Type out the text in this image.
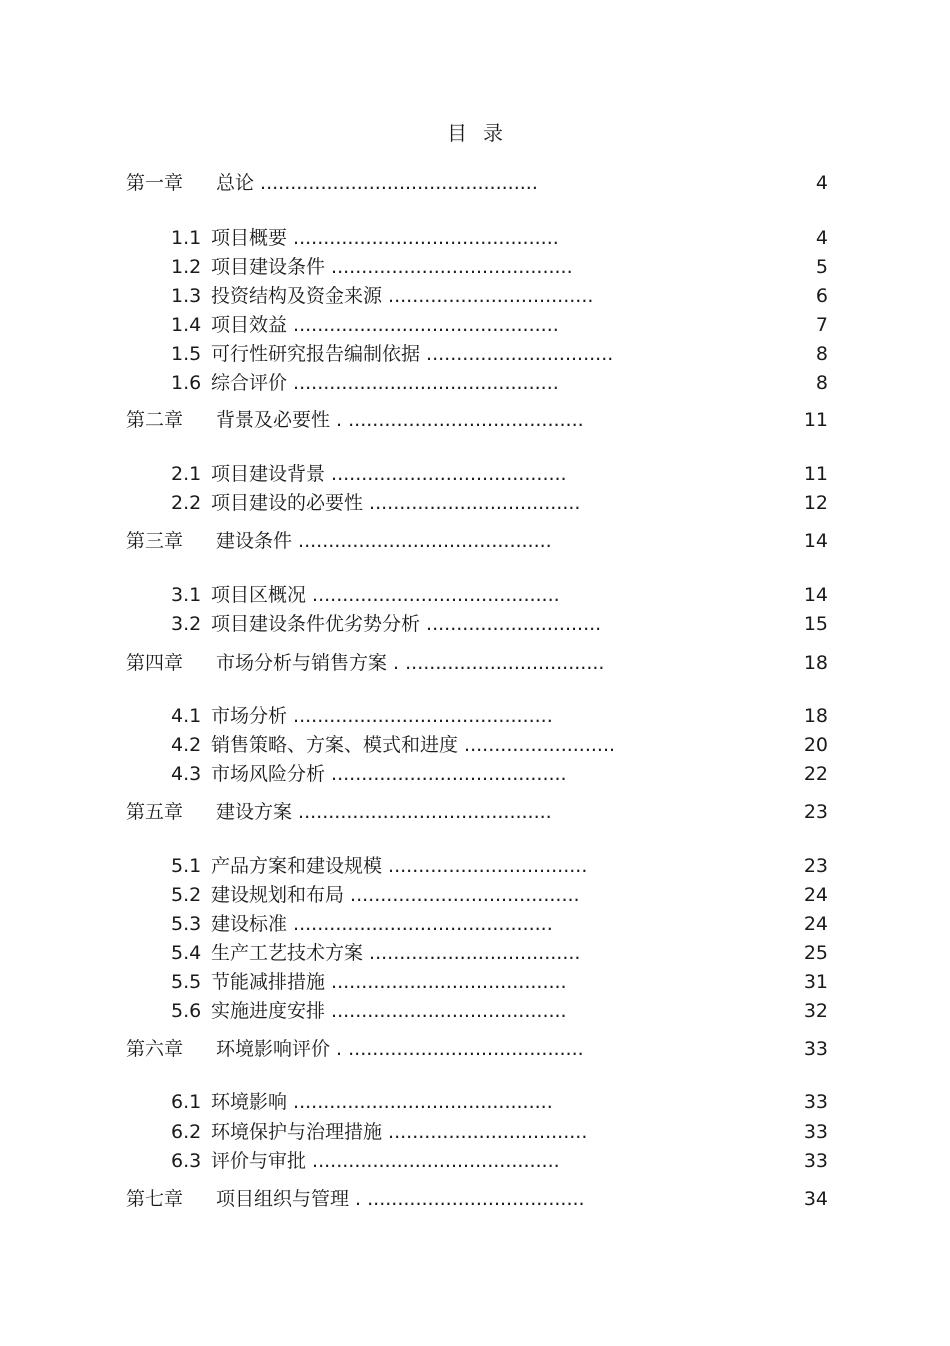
目录
第一章 总论 ..............................................	4
1.1 项目概要 ............................................	4
1.2 项目建设条件 ........................................	5
1.3 投资结构及资金来源 ..................................	6
1.4 项目效益 ............................................	7
1.5 可行性研究报告编制依据 ...............................	8
1.6 综合评价 ............................................	8
第二章 背景及必要性 . .......................................	11
2.1 项目建设背景 .......................................	11
2.2 项目建设的必要性 ...................................	12
第三章 建设条件 ..........................................	14
3.1 项目区概况 .........................................	14
3.2 项目建设条件优劣势分析 .............................	15
第四章 市场分析与销售方案 . .................................	18
4.1 市场分析 ...........................................	18
4.2 销售策略、方案、模式和进度 .........................	20
4.3 市场风险分析 .......................................	22
第五章 建设方案 ..........................................	23
5.1 产品方案和建设规模 .................................	23
5.2 建设规划和布局 ......................................	24
5.3 建设标准 ...........................................	24
5.4 生产工艺技术方案 ...................................	25
5.5 节能减排措施 .......................................	31
5.6 实施进度安排 .......................................	32
第六章 环境影响评价 . .......................................	33
6.1 环境影响 ...........................................	33
6.2 环境保护与治理措施 .................................	33
6.3 评价与审批 .........................................	33
第七章 项目组织与管理 . ....................................	34
